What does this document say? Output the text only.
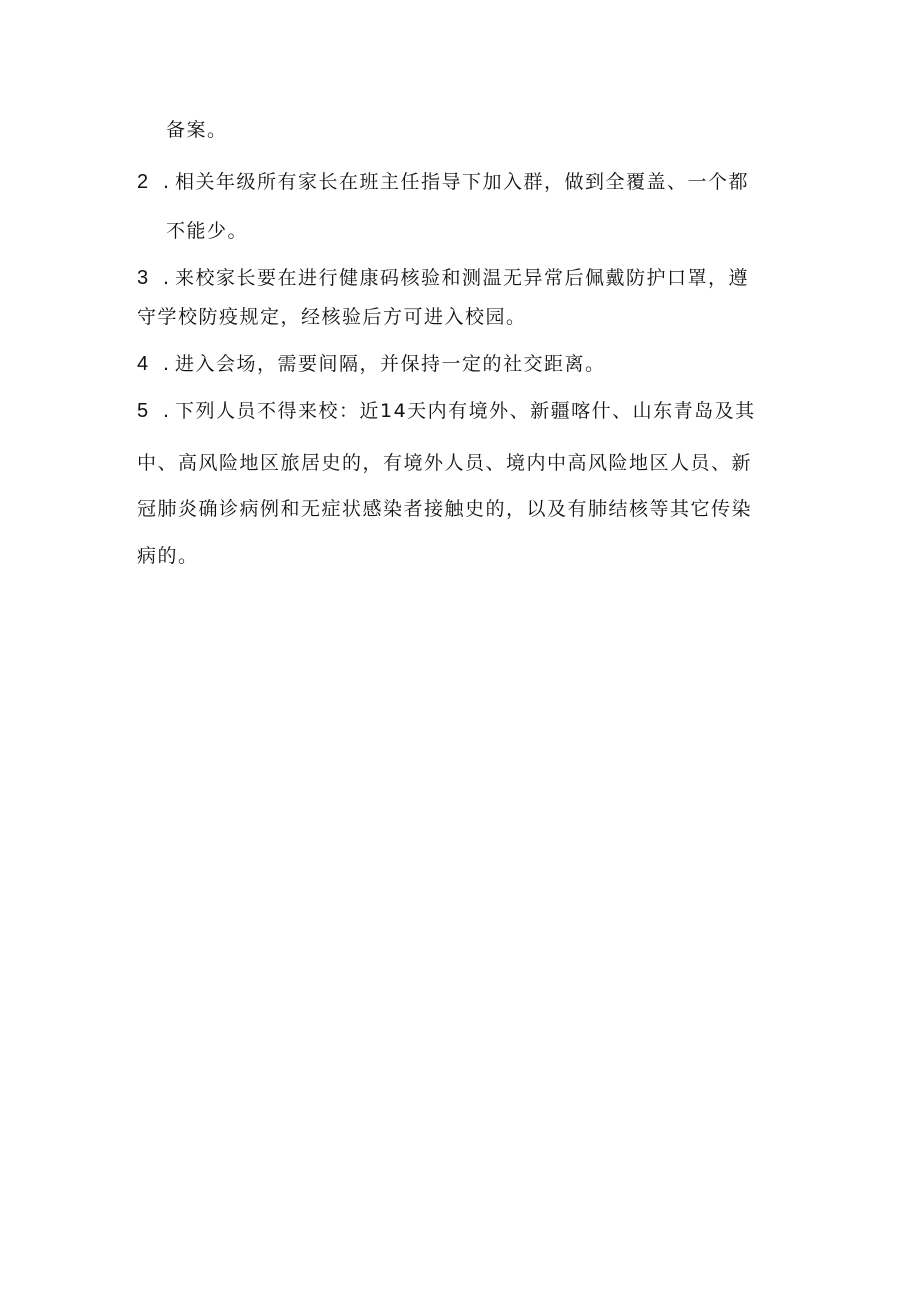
备案。
2 . 相关年级所有家长在班主任指导下加入群，做到全覆盖、一个都
不能少。
3 . 来校家长要在进行健康码核验和测温无异常后佩戴防护口罩，遵
守学校防疫规定，经核验后方可进入校园。
4 . 进入会场，需要间隔，并保持一定的社交距离。
5 . 下列人员不得来校：近14天内有境外、新疆喀什、山东青岛及其
中、高风险地区旅居史的，有境外人员、境内中高风险地区人员、新
冠肺炎确诊病例和无症状感染者接触史的，以及有肺结核等其它传染
病的。
